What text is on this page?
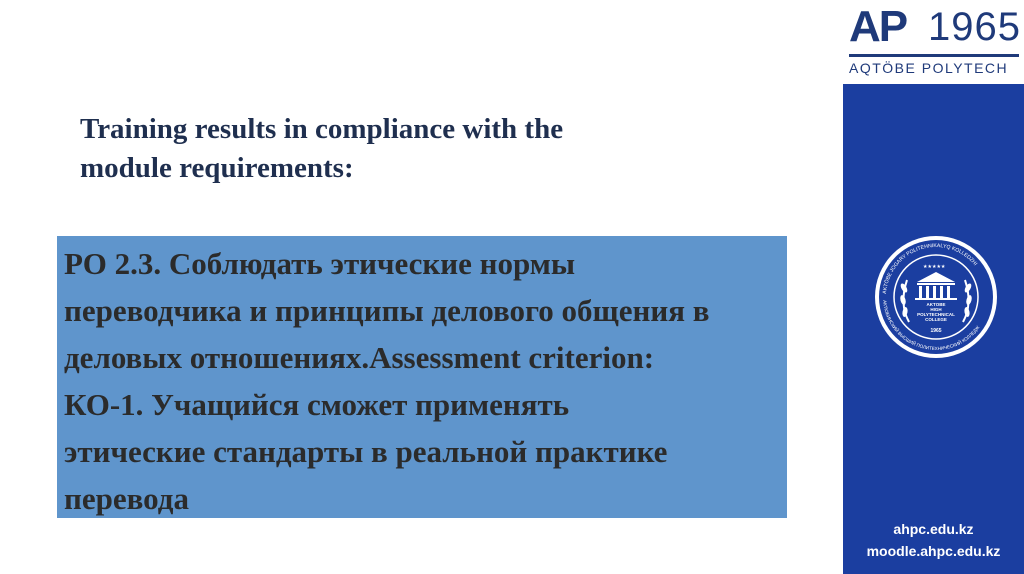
Training results in compliance with the
module requirements:
РО 2.3. Соблюдать этические нормы
переводчика и принципы делового общения в
деловых отношениях.Assessment criterion:
КО-1. Учащийся сможет применять
этические стандарты в реальной практике
перевода
AP 1965
AQTÖBE POLYTECH
AKTÖBE JOGARY POLITEHNIKALYQ KOLLEDZHI
АКТЮБИНСКИЙ ВЫСШИЙ ПОЛИТЕХНИЧЕСКИЙ КОЛЛЕДЖ
★★★★★
AKTOBE
HIGH
POLYTECHNICAL
COLLEGE
1965
ahpc.edu.kz
moodle.ahpc.edu.kz
